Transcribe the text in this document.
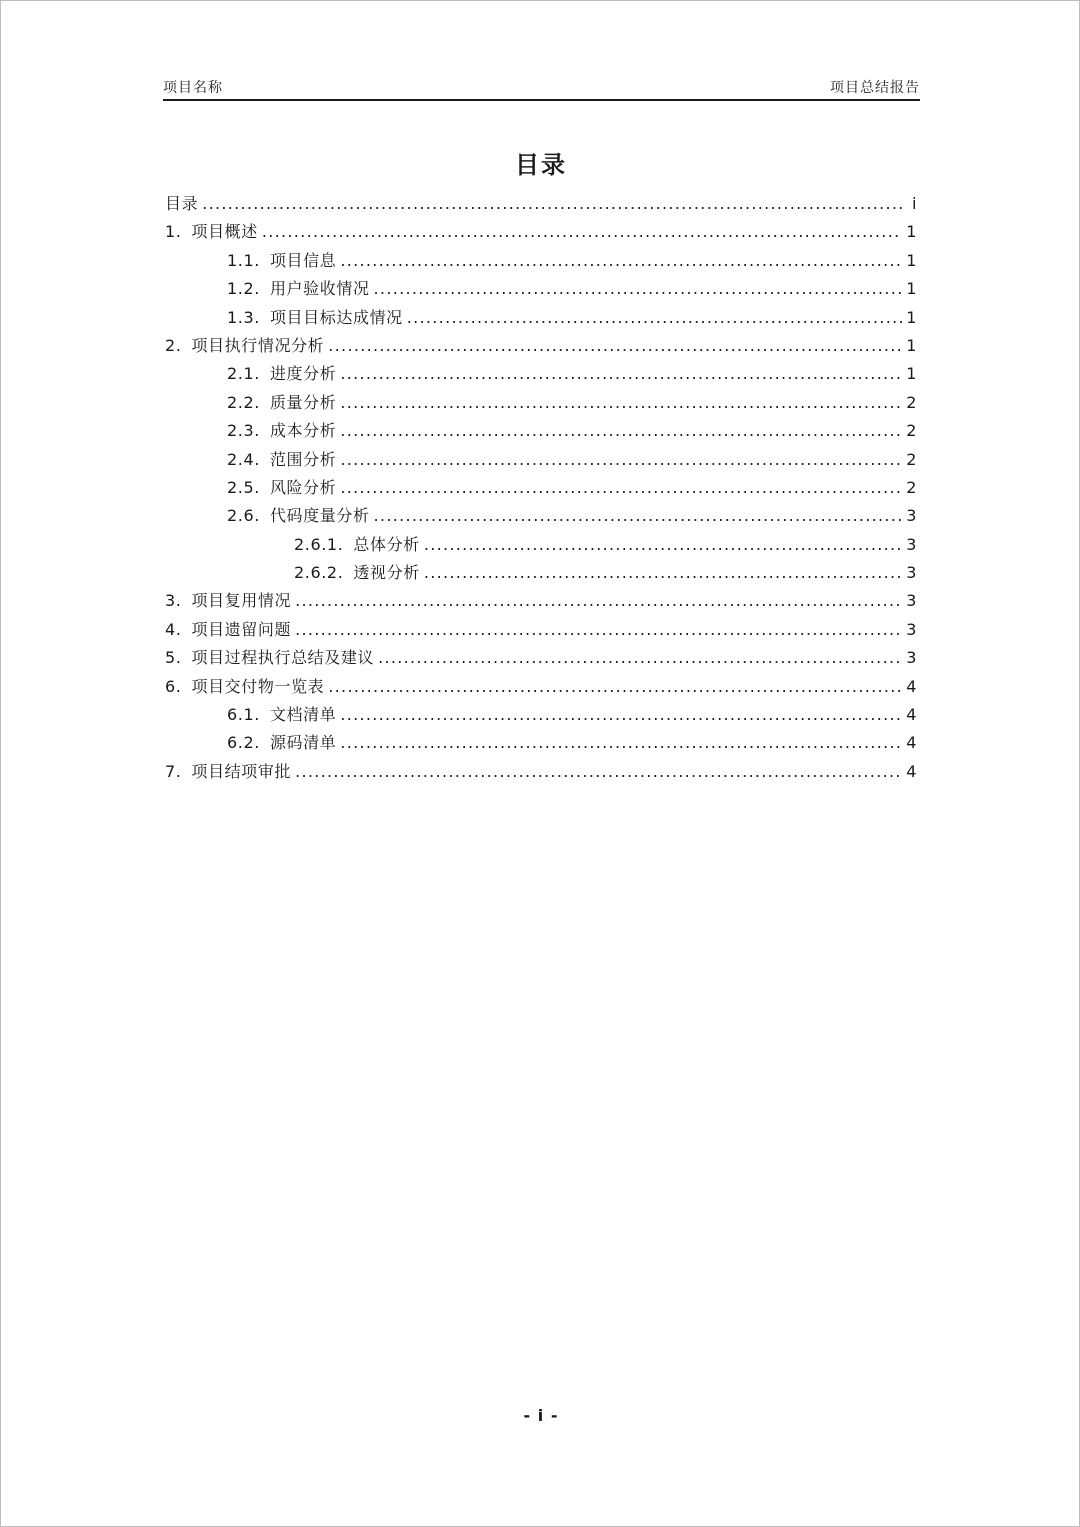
项目名称	项目总结报告
目录
目录 .....	i
1. 项目概述 .....	1
1.1. 项目信息 .....	1
1.2. 用户验收情况 .....	1
1.3. 项目目标达成情况 .....	1
2. 项目执行情况分析 .....	1
2.1. 进度分析 .....	1
2.2. 质量分析 .....	2
2.3. 成本分析 .....	2
2.4. 范围分析 .....	2
2.5. 风险分析 .....	2
2.6. 代码度量分析 .....	3
2.6.1. 总体分析 .....	3
2.6.2. 透视分析 .....	3
3. 项目复用情况 .....	3
4. 项目遗留问题 .....	3
5. 项目过程执行总结及建议 .....	3
6. 项目交付物一览表 .....	4
6.1. 文档清单 .....	4
6.2. 源码清单 .....	4
7. 项目结项审批 .....	4
- i -
